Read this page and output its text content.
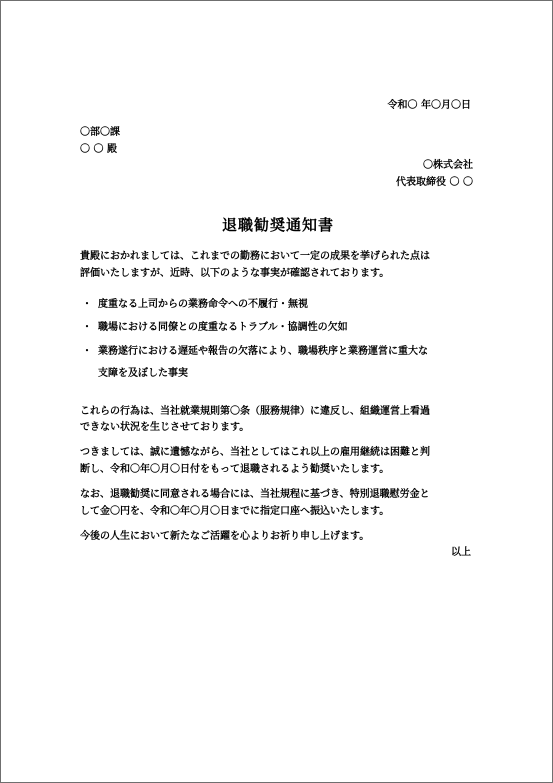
令和〇 年〇月〇日
〇部〇課
〇 〇 殿
〇株式会社
代表取締役 〇 〇
退職勧奨通知書
貴殿におかれましては、これまでの勤務において一定の成果を挙げられた点は
評価いたしますが、近時、以下のような事実が確認されております。
・ 度重なる上司からの業務命令への不履行・無視
・ 職場における同僚との度重なるトラブル・協調性の欠如
・ 業務遂行における遅延や報告の欠落により、職場秩序と業務運営に重大な
支障を及ぼした事実
これらの行為は、当社就業規則第〇条（服務規律）に違反し、組織運営上看過
できない状況を生じさせております。
つきましては、誠に遺憾ながら、当社としてはこれ以上の雇用継続は困難と判
断し、令和〇年〇月〇日付をもって退職されるよう勧奨いたします。
なお、退職勧奨に同意される場合には、当社規程に基づき、特別退職慰労金と
して金〇円を、令和〇年〇月〇日までに指定口座へ振込いたします。
今後の人生において新たなご活躍を心よりお祈り申し上げます。
以上
